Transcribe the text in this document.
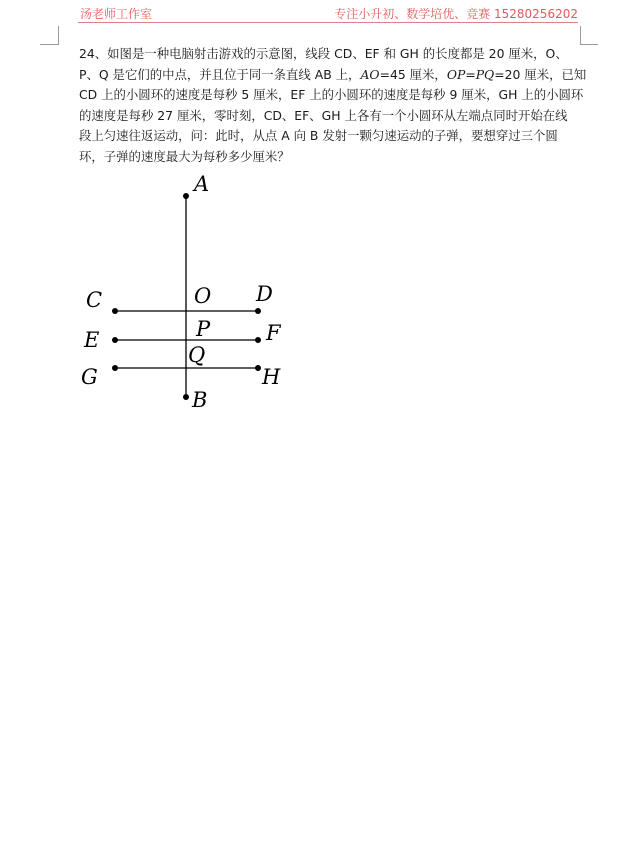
汤老师工作室	专注小升初、数学培优、竞赛 15280256202
24、如图是一种电脑射击游戏的示意图，线段 CD、EF 和 GH 的长度都是 20 厘米，O、
P、Q 是它们的中点，并且位于同一条直线 AB 上，AO=45 厘米，OP=PQ=20 厘米，已知
CD 上的小圆环的速度是每秒 5 厘米，EF 上的小圆环的速度是每秒 9 厘米，GH 上的小圆环
的速度是每秒 27 厘米，零时刻，CD、EF、GH 上各有一个小圆环从左端点同时开始在线
段上匀速往返运动，问：此时，从点 A 向 B 发射一颗匀速运动的子弹，要想穿过三个圆
环，子弹的速度最大为每秒多少厘米？
A
B
C	D
E	F
G	H
O
P
Q
